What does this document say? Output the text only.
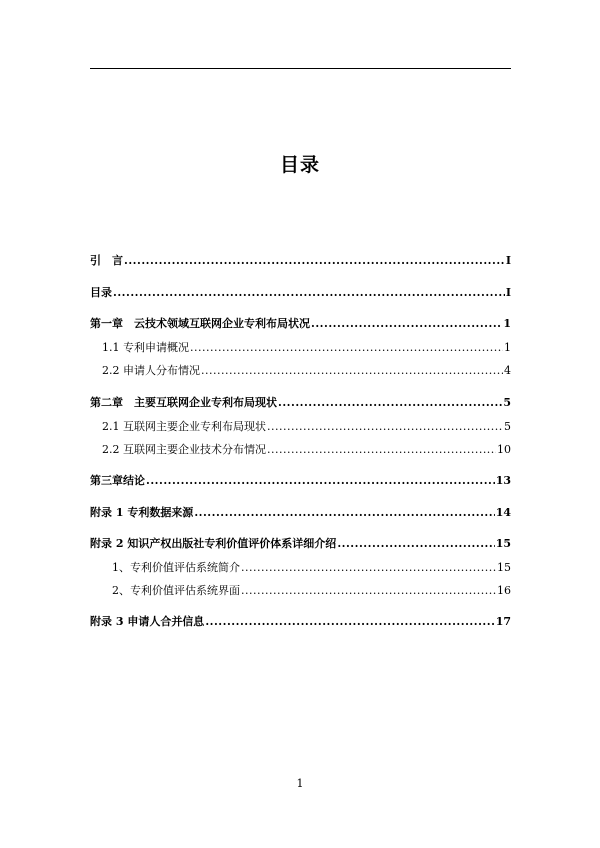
目录
引　言 .....	I
目录 .....	I
第一章　云技术领域互联网企业专利布局状况 .....	1
1.1 专利申请概况 .....	1
2.2 申请人分布情况 .....	4
第二章　主要互联网企业专利布局现状 .....	5
2.1 互联网主要企业专利布局现状 .....	5
2.2 互联网主要企业技术分布情况 .....	10
第三章结论 .....	13
附录 1 专利数据来源 .....	14
附录 2 知识产权出版社专利价值评价体系详细介绍 .....	15
1、专利价值评估系统简介 .....	15
2、专利价值评估系统界面 .....	16
附录 3 申请人合并信息 .....	17
1
